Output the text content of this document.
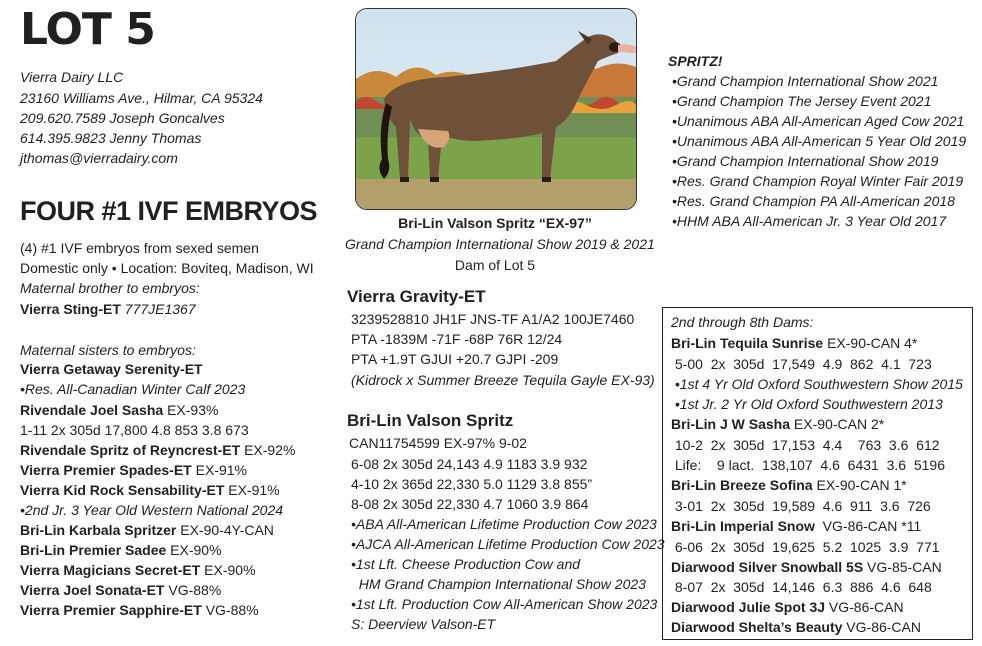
LOT 5
Vierra Dairy LLC
23160 Williams Ave., Hilmar, CA 95324
209.620.7589 Joseph Goncalves
614.395.9823 Jenny Thomas
jthomas@vierradairy.com
FOUR #1 IVF EMBRYOS
(4) #1 IVF embryos from sexed semen
Domestic only • Location: Boviteq, Madison, WI
Maternal brother to embryos:
Vierra Sting-ET 777JE1367
Maternal sisters to embryos:
Vierra Getaway Serenity-ET
•Res. All-Canadian Winter Calf 2023
Rivendale Joel Sasha EX-93%
1-11 2x 305d 17,800 4.8 853 3.8 673
Rivendale Spritz of Reyncrest-ET EX-92%
Vierra Premier Spades-ET EX-91%
Vierra Kid Rock Sensability-ET EX-91%
•2nd Jr. 3 Year Old Western National 2024
Bri-Lin Karbala Spritzer EX-90-4Y-CAN
Bri-Lin Premier Sadee EX-90%
Vierra Magicians Secret-ET EX-90%
Vierra Joel Sonata-ET VG-88%
Vierra Premier Sapphire-ET VG-88%
Bri-Lin Valson Spritz “EX-97”
Grand Champion International Show 2019 & 2021
Dam of Lot 5
Vierra Gravity-ET
3239528810 JH1F JNS-TF A1/A2 100JE7460
PTA -1839M -71F -68P 76R 12/24
PTA +1.9T GJUI +20.7 GJPI -209
(Kidrock x Summer Breeze Tequila Gayle EX-93)
Bri-Lin Valson Spritz
CAN11754599 EX-97% 9-02
6-08 2x 305d 24,143 4.9 1183 3.9 932
4-10 2x 365d 22,330 5.0 1129 3.8 855”
8-08 2x 305d 22,330 4.7 1060 3.9 864
•ABA All-American Lifetime Production Cow 2023
•AJCA All-American Lifetime Production Cow 2023
•1st Lft. Cheese Production Cow and
HM Grand Champion International Show 2023
•1st Lft. Production Cow All-American Show 2023
S: Deerview Valson-ET
SPRITZ!
•Grand Champion International Show 2021
•Grand Champion The Jersey Event 2021
•Unanimous ABA All-American Aged Cow 2021
•Unanimous ABA All-American 5 Year Old 2019
•Grand Champion International Show 2019
•Res. Grand Champion Royal Winter Fair 2019
•Res. Grand Champion PA All-American 2018
•HHM ABA All-American Jr. 3 Year Old 2017
2nd through 8th Dams:
Bri-Lin Tequila Sunrise EX-90-CAN 4*
5-00  2x  305d  17,549  4.9  862  4.1  723
•1st 4 Yr Old Oxford Southwestern Show 2015
•1st Jr. 2 Yr Old Oxford Southwestern 2013
Bri-Lin J W Sasha EX-90-CAN 2*
10-2  2x  305d  17,153  4.4    763  3.6  612
Life:    9 lact.  138,107  4.6  6431  3.6  5196
Bri-Lin Breeze Sofina EX-90-CAN 1*
3-01  2x  305d  19,589  4.6  911  3.6  726
Bri-Lin Imperial Snow  VG-86-CAN *11
6-06  2x  305d  19,625  5.2  1025  3.9  771
Diarwood Silver Snowball 5S VG-85-CAN
8-07  2x  305d  14,146  6.3  886  4.6  648
Diarwood Julie Spot 3J VG-86-CAN
Diarwood Shelta’s Beauty VG-86-CAN
